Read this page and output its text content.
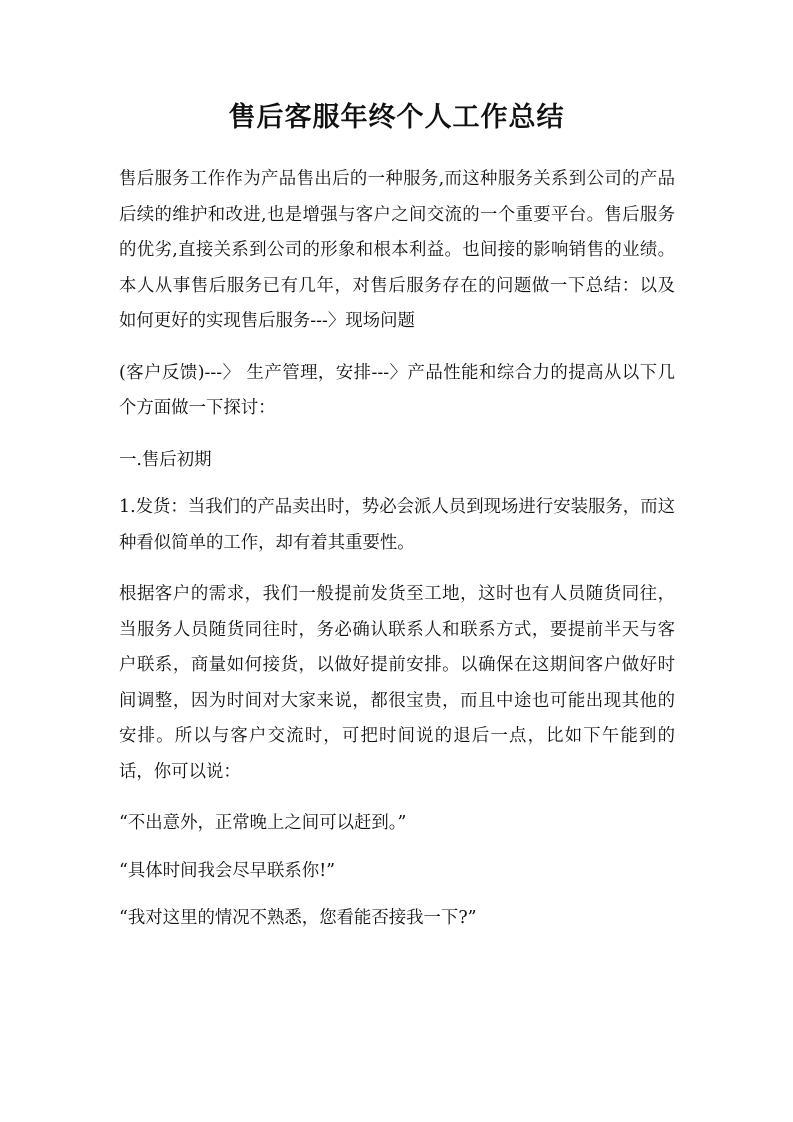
售后客服年终个人工作总结

售后服务工作作为产品售出后的一种服务,而这种服务关系到公司的产品后续的维护和改进,也是增强与客户之间交流的一个重要平台。售后服务的优劣,直接关系到公司的形象和根本利益。也间接的影响销售的业绩。本人从事售后服务已有几年，对售后服务存在的问题做一下总结：以及如何更好的实现售后服务---〉现场问题

(客户反馈)---〉 生产管理，安排---〉产品性能和综合力的提高从以下几个方面做一下探讨：

一.售后初期

1.发货：当我们的产品卖出时，势必会派人员到现场进行安装服务，而这种看似简单的工作，却有着其重要性。

根据客户的需求，我们一般提前发货至工地，这时也有人员随货同往，当服务人员随货同往时，务必确认联系人和联系方式，要提前半天与客户联系，商量如何接货，以做好提前安排。以确保在这期间客户做好时间调整，因为时间对大家来说，都很宝贵，而且中途也可能出现其他的安排。所以与客户交流时，可把时间说的退后一点，比如下午能到的话，你可以说：

“不出意外，正常晚上之间可以赶到。”

“具体时间我会尽早联系你!”

“我对这里的情况不熟悉，您看能否接我一下?”
